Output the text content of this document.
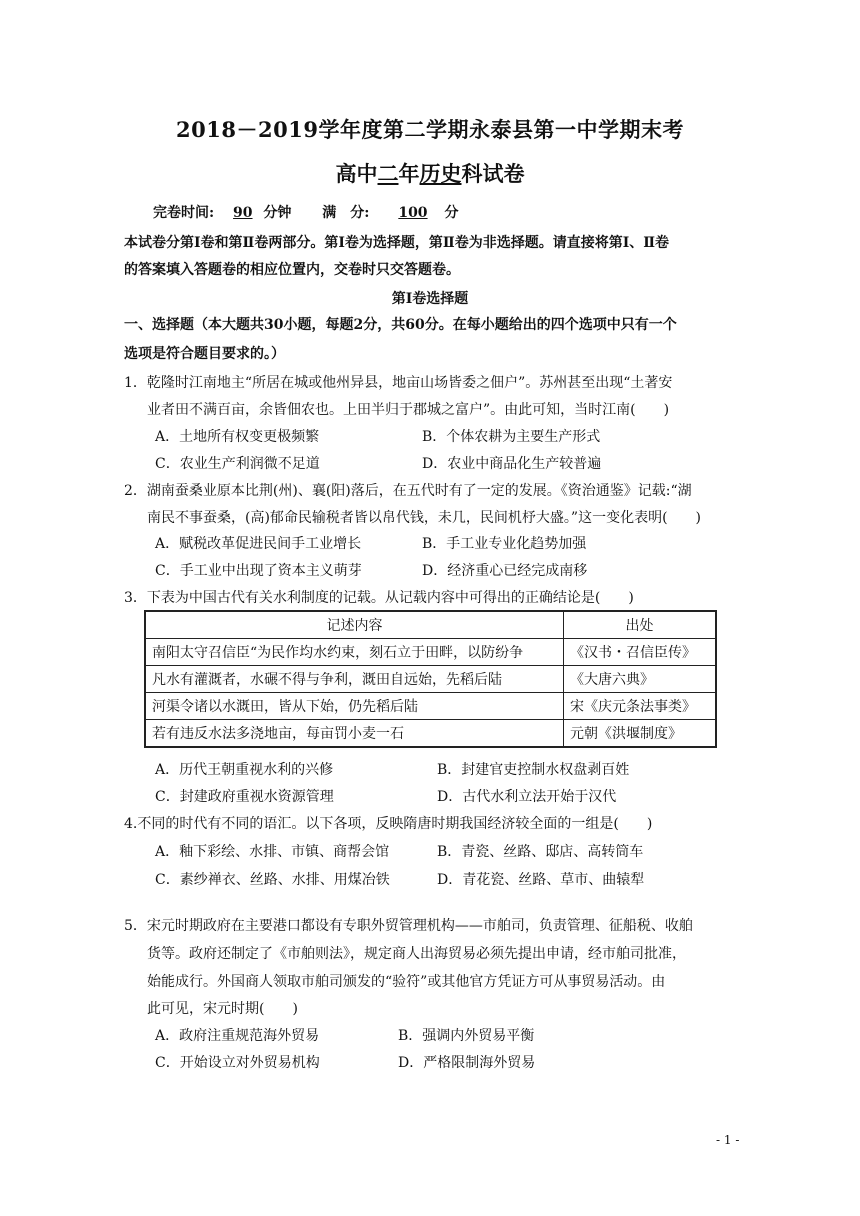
2018－2019学年度第二学期永泰县第一中学期末考
高中二年历史科试卷
完卷时间: 90 分钟 满　分: 100 分
本试卷分第Ⅰ卷和第Ⅱ卷两部分。第Ⅰ卷为选择题，第Ⅱ卷为非选择题。请直接将第Ⅰ、Ⅱ卷
的答案填入答题卷的相应位置内，交卷时只交答题卷。
第Ⅰ卷选择题
一、选择题（本大题共30小题，每题2分，共60分。在每小题给出的四个选项中只有一个
选项是符合题目要求的。）
1．乾隆时江南地主“所居在城或他州异县，地亩山场皆委之佃户”。苏州甚至出现“土著安
业者田不满百亩，余皆佃农也。上田半归于郡城之富户”。由此可知，当时江南(　　)
A．土地所有权变更极频繁	B．个体农耕为主要生产形式
C．农业生产利润微不足道	D．农业中商品化生产较普遍
2．湖南蚕桑业原本比荆(州)、襄(阳)落后，在五代时有了一定的发展。《资治通鉴》记载:“湖
南民不事蚕桑，(高)郁命民输税者皆以帛代钱，未几，民间机杼大盛。”这一变化表明(　　)
A．赋税改革促进民间手工业增长	B．手工业专业化趋势加强
C．手工业中出现了资本主义萌芽	D．经济重心已经完成南移
3．下表为中国古代有关水利制度的记载。从记载内容中可得出的正确结论是(　　)
记述内容	出处
南阳太守召信臣“为民作均水约束，刻石立于田畔，以防纷争	《汉书・召信臣传》
凡水有灌溉者，水碾不得与争利，溉田自远始，先稻后陆	《大唐六典》
河渠令诸以水溉田，皆从下始，仍先稻后陆	宋《庆元条法事类》
若有违反水法多浇地亩，每亩罚小麦一石	元朝《洪堰制度》
A．历代王朝重视水利的兴修	B．封建官吏控制水权盘剥百姓
C．封建政府重视水资源管理	D．古代水利立法开始于汉代
4.不同的时代有不同的语汇。以下各项，反映隋唐时期我国经济较全面的一组是(　　)
A．釉下彩绘、水排、市镇、商帮会馆	B．青瓷、丝路、邸店、高转筒车
C．素纱禅衣、丝路、水排、用煤冶铁	D．青花瓷、丝路、草市、曲辕犁
5．宋元时期政府在主要港口都设有专职外贸管理机构——市舶司，负责管理、征船税、收舶
货等。政府还制定了《市舶则法》，规定商人出海贸易必须先提出申请，经市舶司批准，
始能成行。外国商人领取市舶司颁发的“验符”或其他官方凭证方可从事贸易活动。由
此可见，宋元时期(　　)
A．政府注重规范海外贸易	B．强调内外贸易平衡
C．开始设立对外贸易机构	D．严格限制海外贸易
- 1 -
